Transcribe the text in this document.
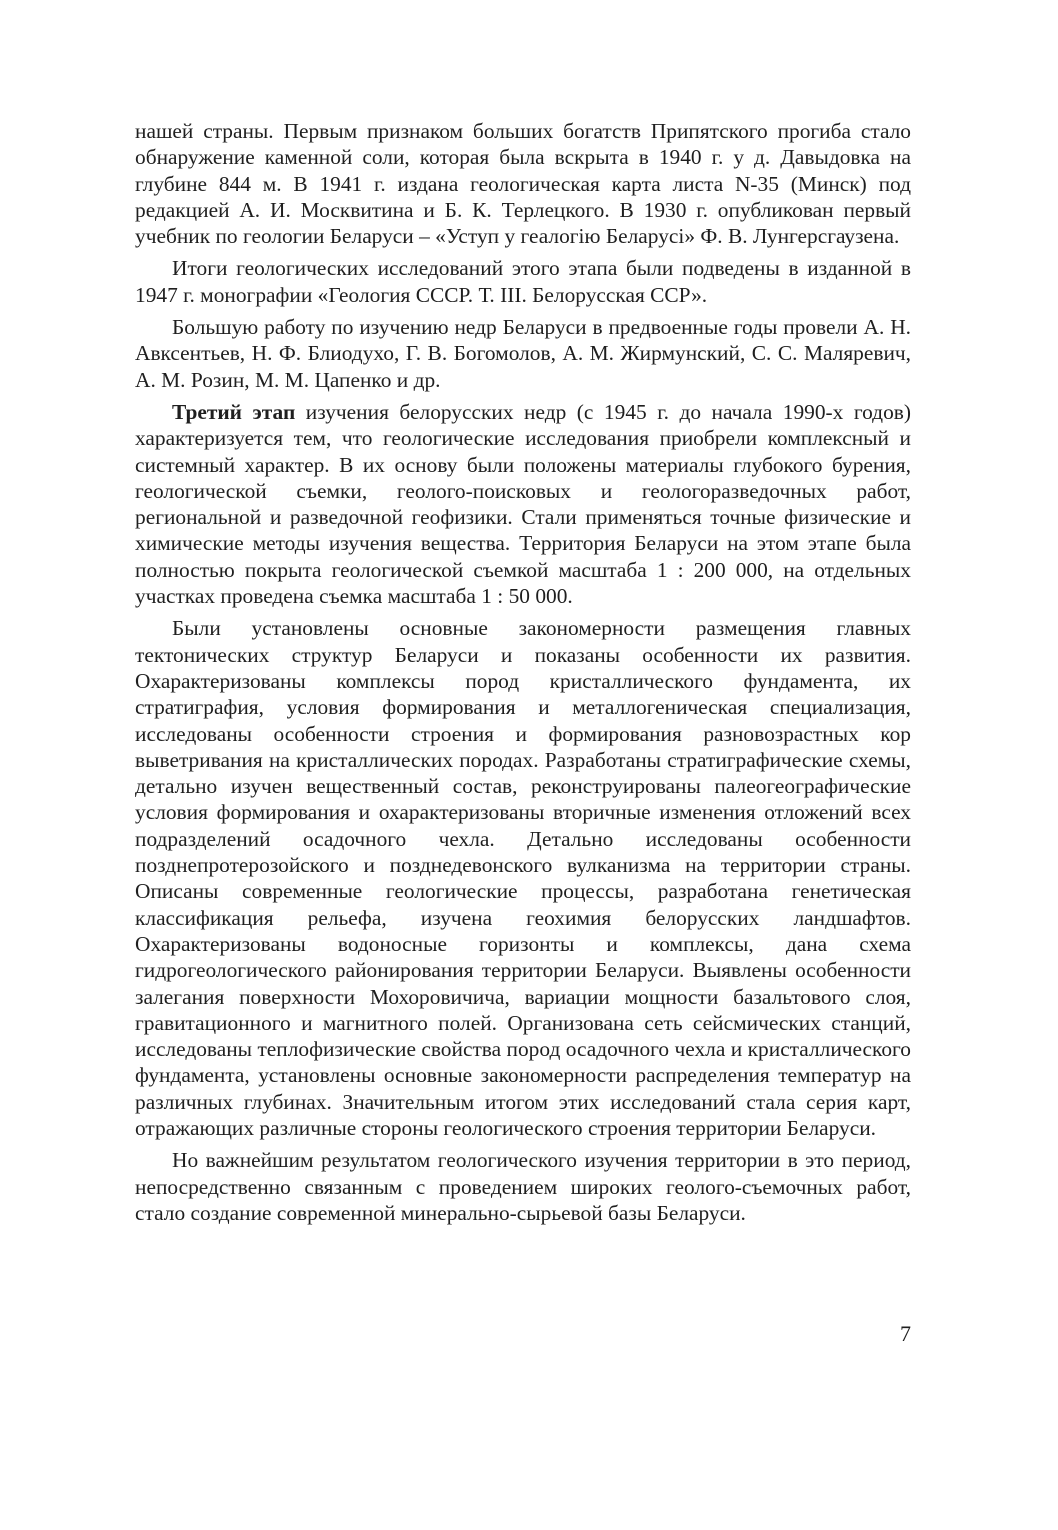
нашей страны. Первым признаком больших богатств Припятского прогиба стало обнаружение каменной соли, которая была вскрыта в 1940 г. у д. Давыдовка на глубине 844 м. В 1941 г. издана геологическая карта листа N-35 (Минск) под редакцией А. И. Москвитина и Б. К. Терлецкого. В 1930 г. опубликован первый учебник по геологии Беларуси – «Уступ у геалогію Беларусі» Ф. В. Лунгерсгаузена.

Итоги геологических исследований этого этапа были подведены в изданной в 1947 г. монографии «Геология СССР. Т. III. Белорусская ССР».

Большую работу по изучению недр Беларуси в предвоенные годы провели А. Н. Авксентьев, Н. Ф. Блиодухо, Г. В. Богомолов, А. М. Жирмунский, С. С. Маляревич, А. М. Розин, М. М. Цапенко и др.

Третий этап изучения белорусских недр (с 1945 г. до начала 1990-х годов) характеризуется тем, что геологические исследования приобрели комплексный и системный характер. В их основу были положены материалы глубокого бурения, геологической съемки, геолого-поисковых и геологоразведочных работ, региональной и разведочной геофизики. Стали применяться точные физические и химические методы изучения вещества. Территория Беларуси на этом этапе была полностью покрыта геологической съемкой масштаба 1 : 200 000, на отдельных участках проведена съемка масштаба 1 : 50 000.

Были установлены основные закономерности размещения главных тектонических структур Беларуси и показаны особенности их развития. Охарактеризованы комплексы пород кристаллического фундамента, их стратиграфия, условия формирования и металлогеническая специализация, исследованы особенности строения и формирования разновозрастных кор выветривания на кристаллических породах. Разработаны стратиграфические схемы, детально изучен вещественный состав, реконструированы палеогеографические условия формирования и охарактеризованы вторичные изменения отложений всех подразделений осадочного чехла. Детально исследованы особенности позднепротерозойского и позднедевонского вулканизма на территории страны. Описаны современные геологические процессы, разработана генетическая классификация рельефа, изучена геохимия белорусских ландшафтов. Охарактеризованы водоносные горизонты и комплексы, дана схема гидрогеологического районирования территории Беларуси. Выявлены особенности залегания поверхности Мохоровичича, вариации мощности базальтового слоя, гравитационного и магнитного полей. Организована сеть сейсмических станций, исследованы теплофизические свойства пород осадочного чехла и кристаллического фундамента, установлены основные закономерности распределения температур на различных глубинах. Значительным итогом этих исследований стала серия карт, отражающих различные стороны геологического строения территории Беларуси.

Но важнейшим результатом геологического изучения территории в это период, непосредственно связанным с проведением широких геолого-съемочных работ, стало создание современной минерально-сырьевой базы Беларуси.

7
